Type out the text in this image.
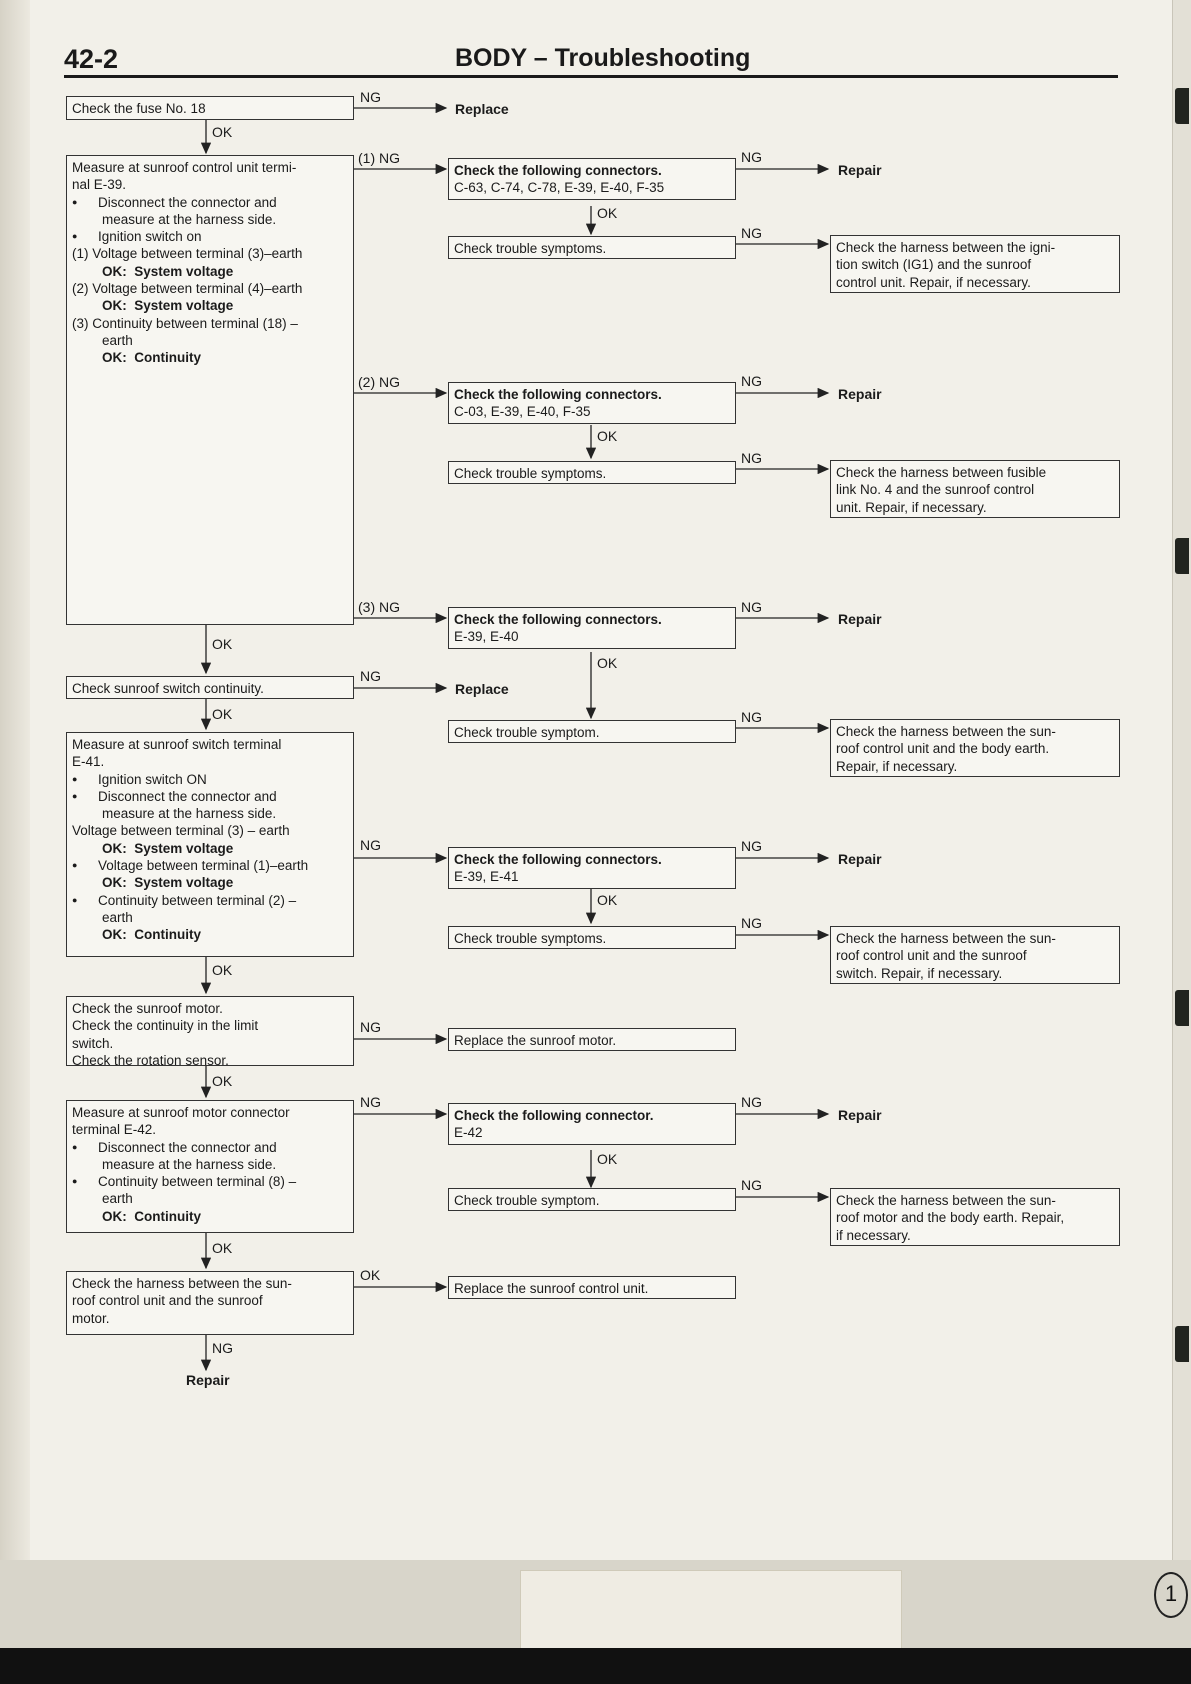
42-2	BODY – Troubleshooting
Check the fuse No. 18
Measure at sunroof control unit termi-
nal E-39.
● Disconnect the connector and
measure at the harness side.
● Ignition switch on
(1) Voltage between terminal (3)–earth
OK:  System voltage
(2) Voltage between terminal (4)–earth
OK:  System voltage
(3) Continuity between terminal (18) –
earth
OK:  Continuity
Check sunroof switch continuity.
Measure at sunroof switch terminal
E-41.
● Ignition switch ON
● Disconnect the connector and
measure at the harness side.
Voltage between terminal (3) – earth
OK:  System voltage
● Voltage between terminal (1)–earth
OK:  System voltage
● Continuity between terminal (2) –
earth
OK:  Continuity
Check the sunroof motor.
Check the continuity in the limit
switch.
Check the rotation sensor.
Measure at sunroof motor connector
terminal E-42.
● Disconnect the connector and
measure at the harness side.
● Continuity between terminal (8) –
earth
OK:  Continuity
Check the harness between the sun-
roof control unit and the sunroof
motor.
Check the following connectors.
C-63, C-74, C-78, E-39, E-40, F-35
Check trouble symptoms.
Check the following connectors.
C-03, E-39, E-40, F-35
Check trouble symptoms.
Check the following connectors.
E-39, E-40
Check trouble symptom.
Check the following connectors.
E-39, E-41
Check trouble symptoms.
Replace the sunroof motor.
Check the following connector.
E-42
Check trouble symptom.
Replace the sunroof control unit.
Check the harness between the igni-
tion switch (IG1) and the sunroof
control unit. Repair, if necessary.
Check the harness between fusible
link No. 4 and the sunroof control
unit. Repair, if necessary.
Check the harness between the sun-
roof control unit and the body earth.
Repair, if necessary.
Check the harness between the sun-
roof control unit and the sunroof
switch. Repair, if necessary.
Check the harness between the sun-
roof motor and the body earth. Repair,
if necessary.
NG
Replace
OK
(1) NG	NG
Repair
OK
NG
(2) NG	NG
Repair
OK
NG
(3) NG	NG
Repair
OK
OK
NG
Replace
OK	NG
NG	NG
Repair
OK
NG
OK
NG
OK
NG	NG
Repair
OK
NG
OK
OK
NG
Repair
1
